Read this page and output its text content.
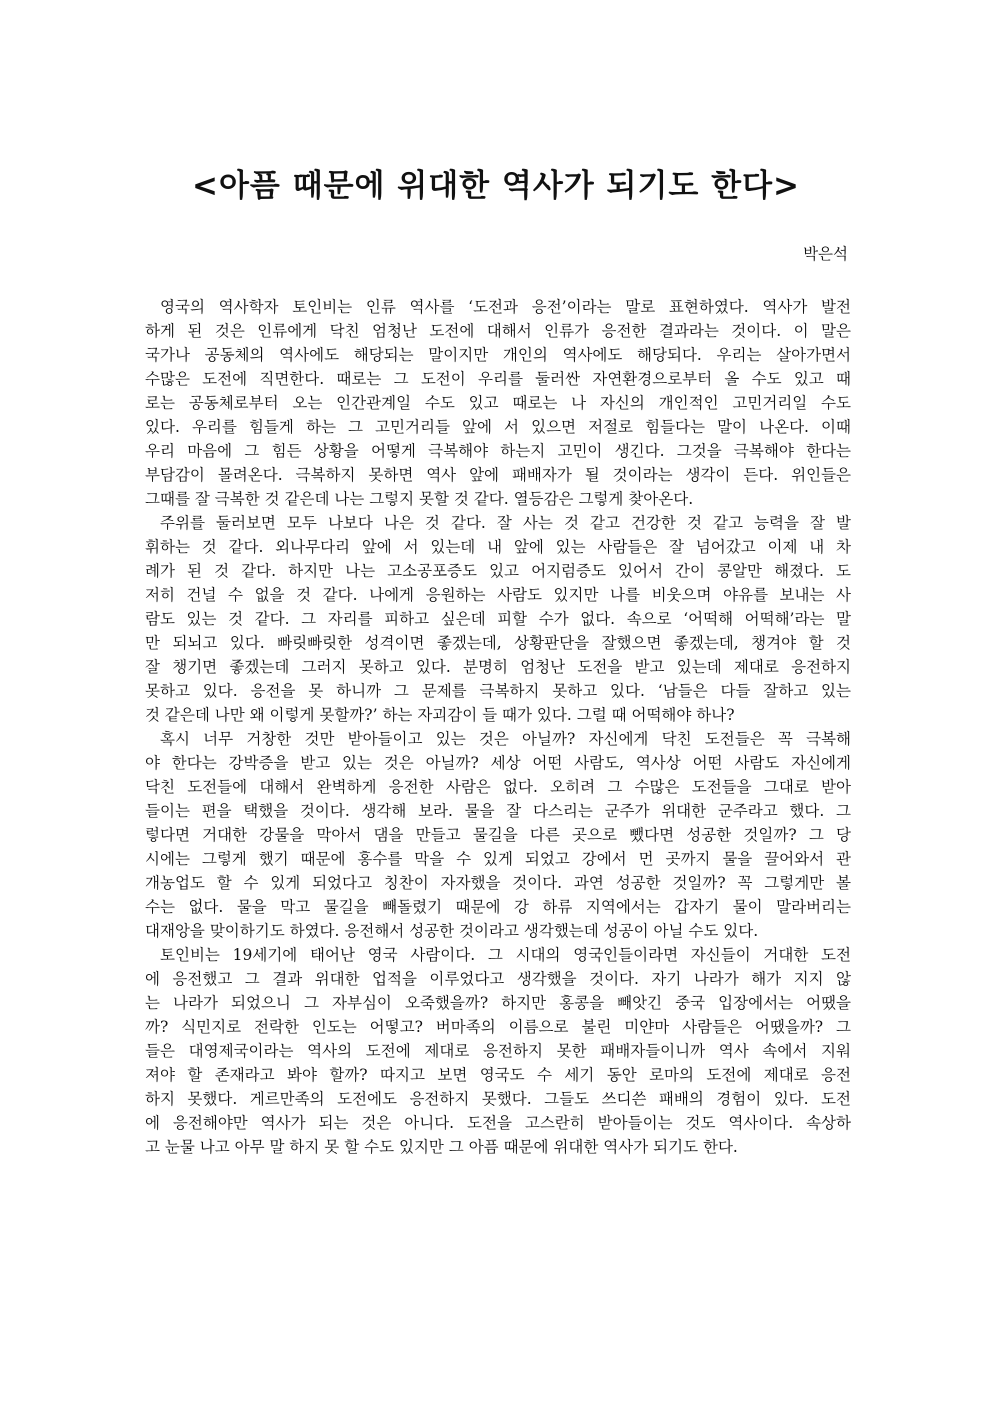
<아픔 때문에 위대한 역사가 되기도 한다>
박은석
영국의 역사학자 토인비는 인류 역사를 ‘도전과 응전’이라는 말로 표현하였다. 역사가 발전
하게 된 것은 인류에게 닥친 엄청난 도전에 대해서 인류가 응전한 결과라는 것이다. 이 말은
국가나 공동체의 역사에도 해당되는 말이지만 개인의 역사에도 해당되다. 우리는 살아가면서
수많은 도전에 직면한다. 때로는 그 도전이 우리를 둘러싼 자연환경으로부터 올 수도 있고 때
로는 공동체로부터 오는 인간관계일 수도 있고 때로는 나 자신의 개인적인 고민거리일 수도
있다. 우리를 힘들게 하는 그 고민거리들 앞에 서 있으면 저절로 힘들다는 말이 나온다. 이때
우리 마음에 그 힘든 상황을 어떻게 극복해야 하는지 고민이 생긴다. 그것을 극복해야 한다는
부담감이 몰려온다. 극복하지 못하면 역사 앞에 패배자가 될 것이라는 생각이 든다. 위인들은
그때를 잘 극복한 것 같은데 나는 그렇지 못할 것 같다. 열등감은 그렇게 찾아온다.
주위를 둘러보면 모두 나보다 나은 것 같다. 잘 사는 것 같고 건강한 것 같고 능력을 잘 발
휘하는 것 같다. 외나무다리 앞에 서 있는데 내 앞에 있는 사람들은 잘 넘어갔고 이제 내 차
례가 된 것 같다. 하지만 나는 고소공포증도 있고 어지럼증도 있어서 간이 콩알만 해졌다. 도
저히 건널 수 없을 것 같다. 나에게 응원하는 사람도 있지만 나를 비웃으며 야유를 보내는 사
람도 있는 것 같다. 그 자리를 피하고 싶은데 피할 수가 없다. 속으로 ‘어떡해 어떡해’라는 말
만 되뇌고 있다. 빠릿빠릿한 성격이면 좋겠는데, 상황판단을 잘했으면 좋겠는데, 챙겨야 할 것
잘 챙기면 좋겠는데 그러지 못하고 있다. 분명히 엄청난 도전을 받고 있는데 제대로 응전하지
못하고 있다. 응전을 못 하니까 그 문제를 극복하지 못하고 있다. ‘남들은 다들 잘하고 있는
것 같은데 나만 왜 이렇게 못할까?’ 하는 자괴감이 들 때가 있다. 그럴 때 어떡해야 하나?
혹시 너무 거창한 것만 받아들이고 있는 것은 아닐까? 자신에게 닥친 도전들은 꼭 극복해
야 한다는 강박증을 받고 있는 것은 아닐까? 세상 어떤 사람도, 역사상 어떤 사람도 자신에게
닥친 도전들에 대해서 완벽하게 응전한 사람은 없다. 오히려 그 수많은 도전들을 그대로 받아
들이는 편을 택했을 것이다. 생각해 보라. 물을 잘 다스리는 군주가 위대한 군주라고 했다. 그
렇다면 거대한 강물을 막아서 댐을 만들고 물길을 다른 곳으로 뺐다면 성공한 것일까? 그 당
시에는 그렇게 했기 때문에 홍수를 막을 수 있게 되었고 강에서 먼 곳까지 물을 끌어와서 관
개농업도 할 수 있게 되었다고 칭찬이 자자했을 것이다. 과연 성공한 것일까? 꼭 그렇게만 볼
수는 없다. 물을 막고 물길을 빼돌렸기 때문에 강 하류 지역에서는 갑자기 물이 말라버리는
대재앙을 맞이하기도 하였다. 응전해서 성공한 것이라고 생각했는데 성공이 아닐 수도 있다.
토인비는 19세기에 태어난 영국 사람이다. 그 시대의 영국인들이라면 자신들이 거대한 도전
에 응전했고 그 결과 위대한 업적을 이루었다고 생각했을 것이다. 자기 나라가 해가 지지 않
는 나라가 되었으니 그 자부심이 오죽했을까? 하지만 홍콩을 빼앗긴 중국 입장에서는 어땠을
까? 식민지로 전락한 인도는 어떻고? 버마족의 이름으로 불린 미얀마 사람들은 어땠을까? 그
들은 대영제국이라는 역사의 도전에 제대로 응전하지 못한 패배자들이니까 역사 속에서 지워
져야 할 존재라고 봐야 할까? 따지고 보면 영국도 수 세기 동안 로마의 도전에 제대로 응전
하지 못했다. 게르만족의 도전에도 응전하지 못했다. 그들도 쓰디쓴 패배의 경험이 있다. 도전
에 응전해야만 역사가 되는 것은 아니다. 도전을 고스란히 받아들이는 것도 역사이다. 속상하
고 눈물 나고 아무 말 하지 못 할 수도 있지만 그 아픔 때문에 위대한 역사가 되기도 한다.
